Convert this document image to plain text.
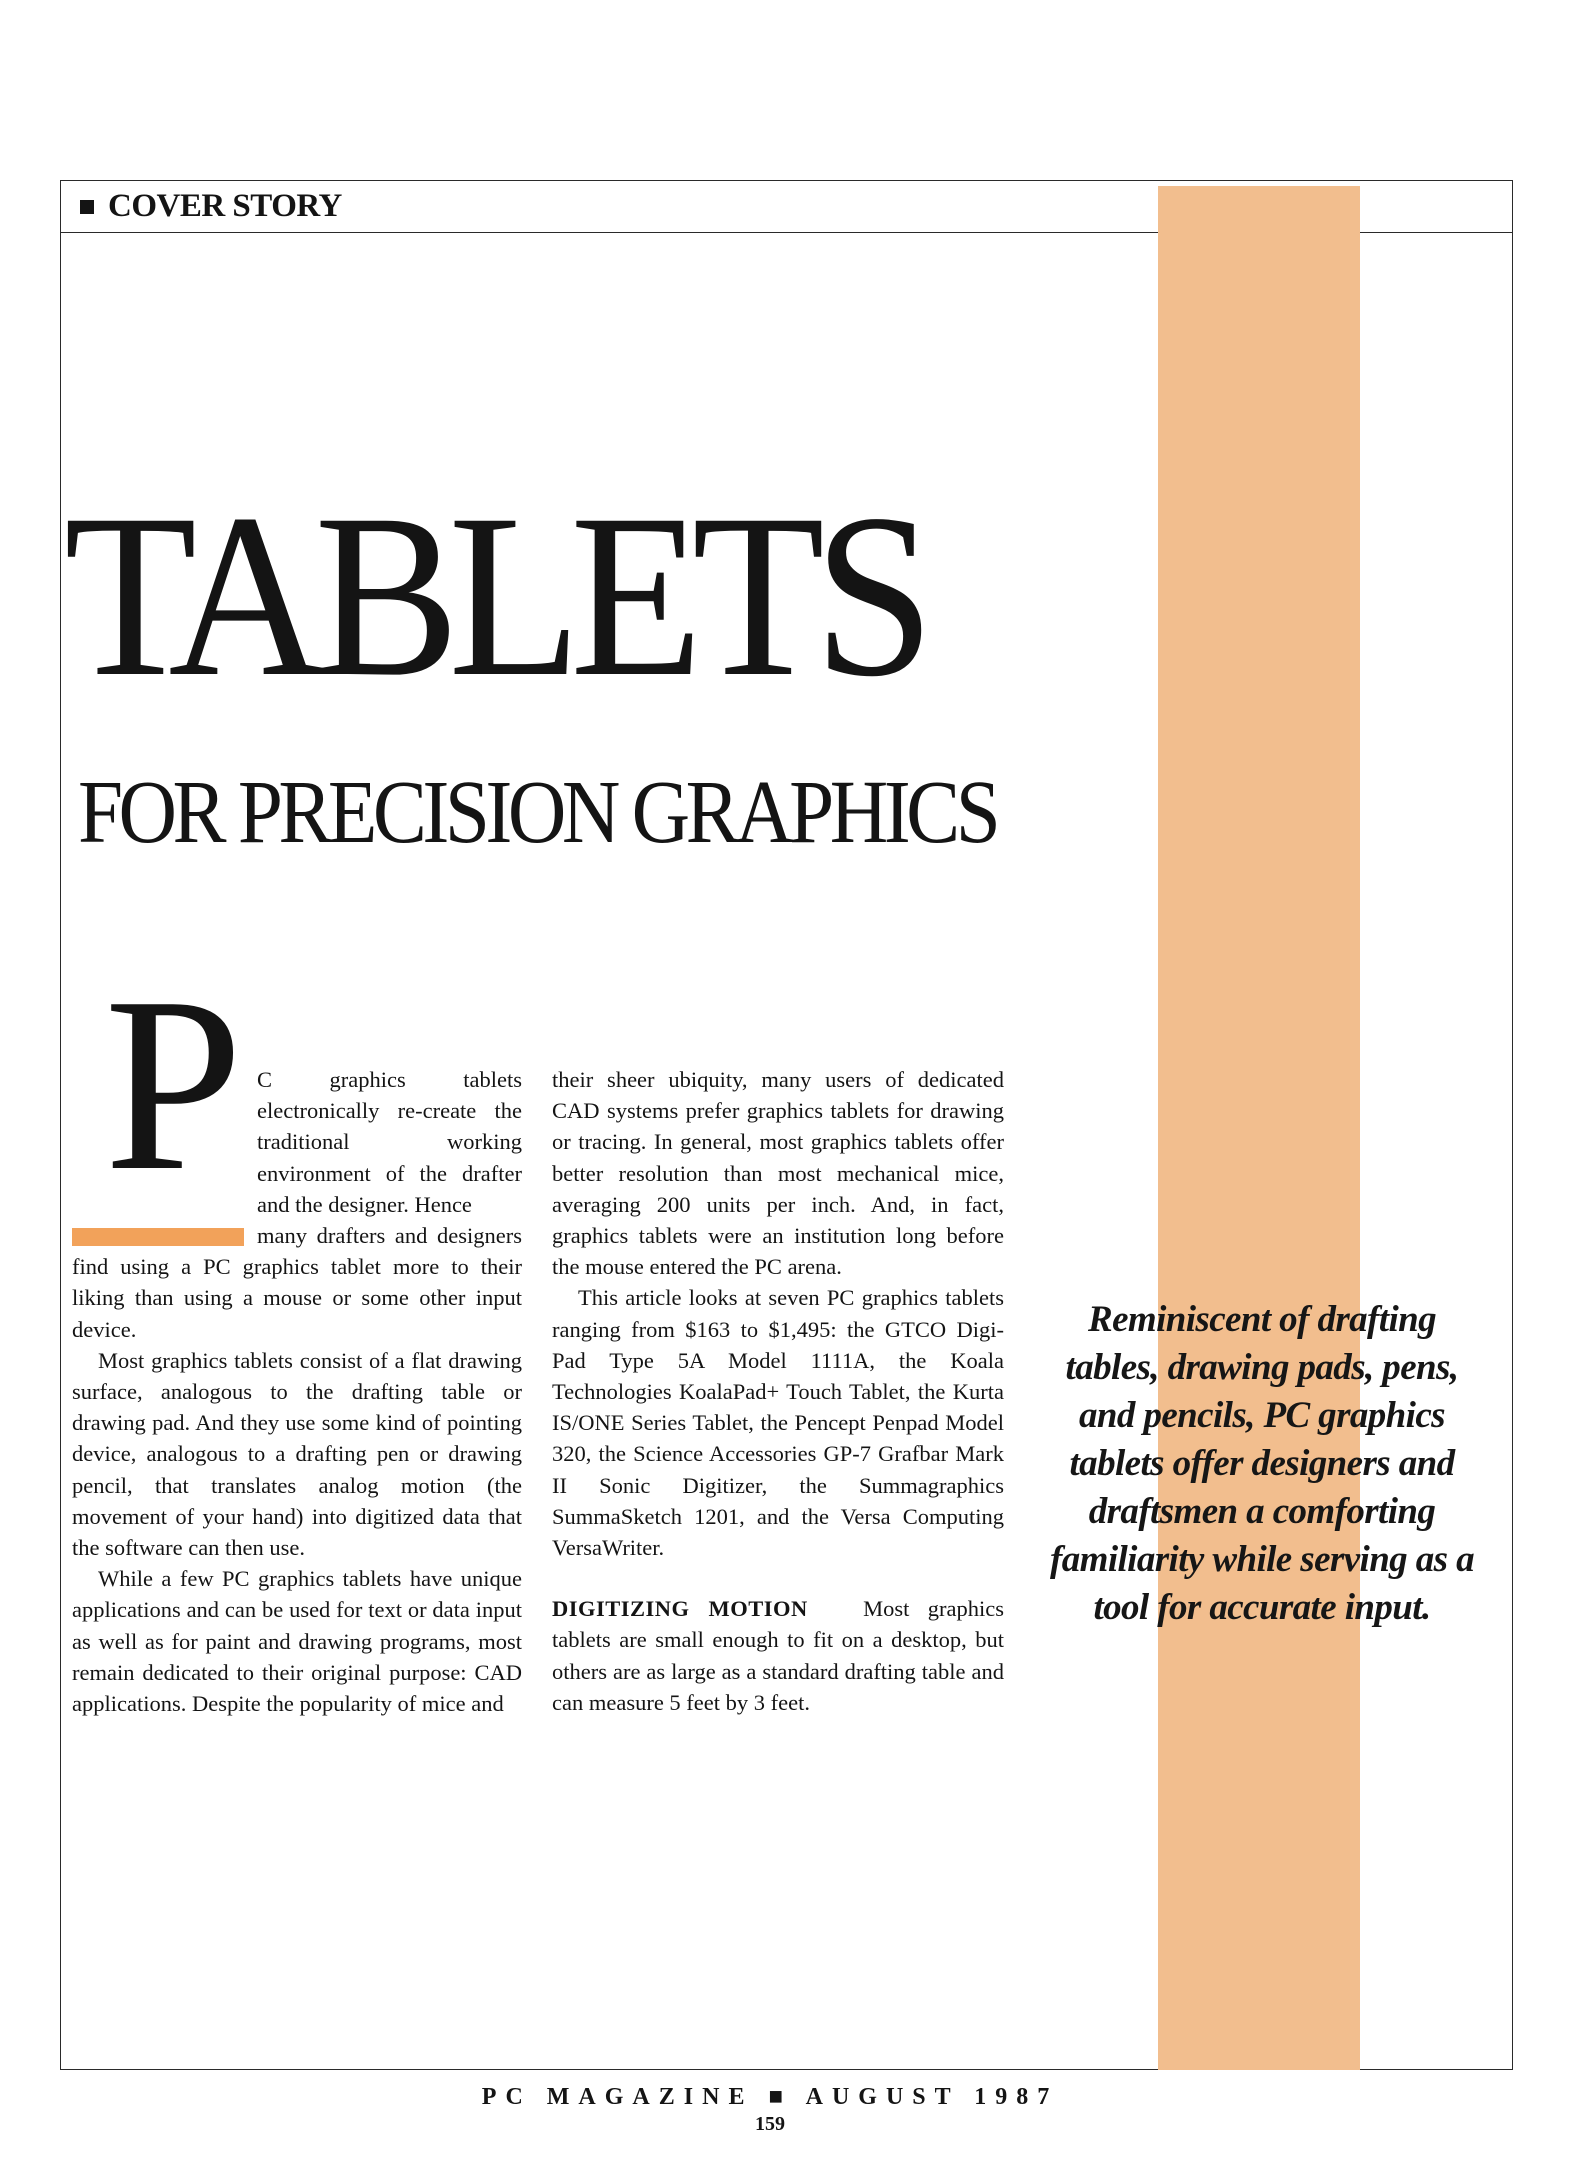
COVER STORY
TABLETS
FOR PRECISION GRAPHICS
P C graphics tablets electronically re-create the traditional working environment of the drafter and the designer. Hence

many drafters and designers find using a PC graphics tablet more to their liking than using a mouse or some other input device.

Most graphics tablets consist of a flat drawing surface, analogous to the drafting table or drawing pad. And they use some kind of pointing device, analogous to a drafting pen or drawing pencil, that translates analog motion (the movement of your hand) into digitized data that the software can then use.

While a few PC graphics tablets have unique applications and can be used for text or data input as well as for paint and drawing programs, most remain dedicated to their original purpose: CAD applications. Despite the popularity of mice and

their sheer ubiquity, many users of dedicated CAD systems prefer graphics tablets for drawing or tracing. In general, most graphics tablets offer better resolution than most mechanical mice, averaging 200 units per inch. And, in fact, graphics tablets were an institution long before the mouse entered the PC arena.

This article looks at seven PC graphics tablets ranging from $163 to $1,495: the GTCO Digi-Pad Type 5A Model 1111A, the Koala Technologies KoalaPad+ Touch Tablet, the Kurta IS/ONE Series Tablet, the Pencept Penpad Model 320, the Science Accessories GP-7 Grafbar Mark II Sonic Digitizer, the Summagraphics SummaSketch 1201, and the Versa Computing VersaWriter.

DIGITIZING MOTION Most graphics tablets are small enough to fit on a desktop, but others are as large as a standard drafting table and can measure 5 feet by 3 feet.

Reminiscent of drafting tables, drawing pads, pens, and pencils, PC graphics tablets offer designers and draftsmen a comforting familiarity while serving as a tool for accurate input.
PC MAGAZINE ■ AUGUST 1987
159
